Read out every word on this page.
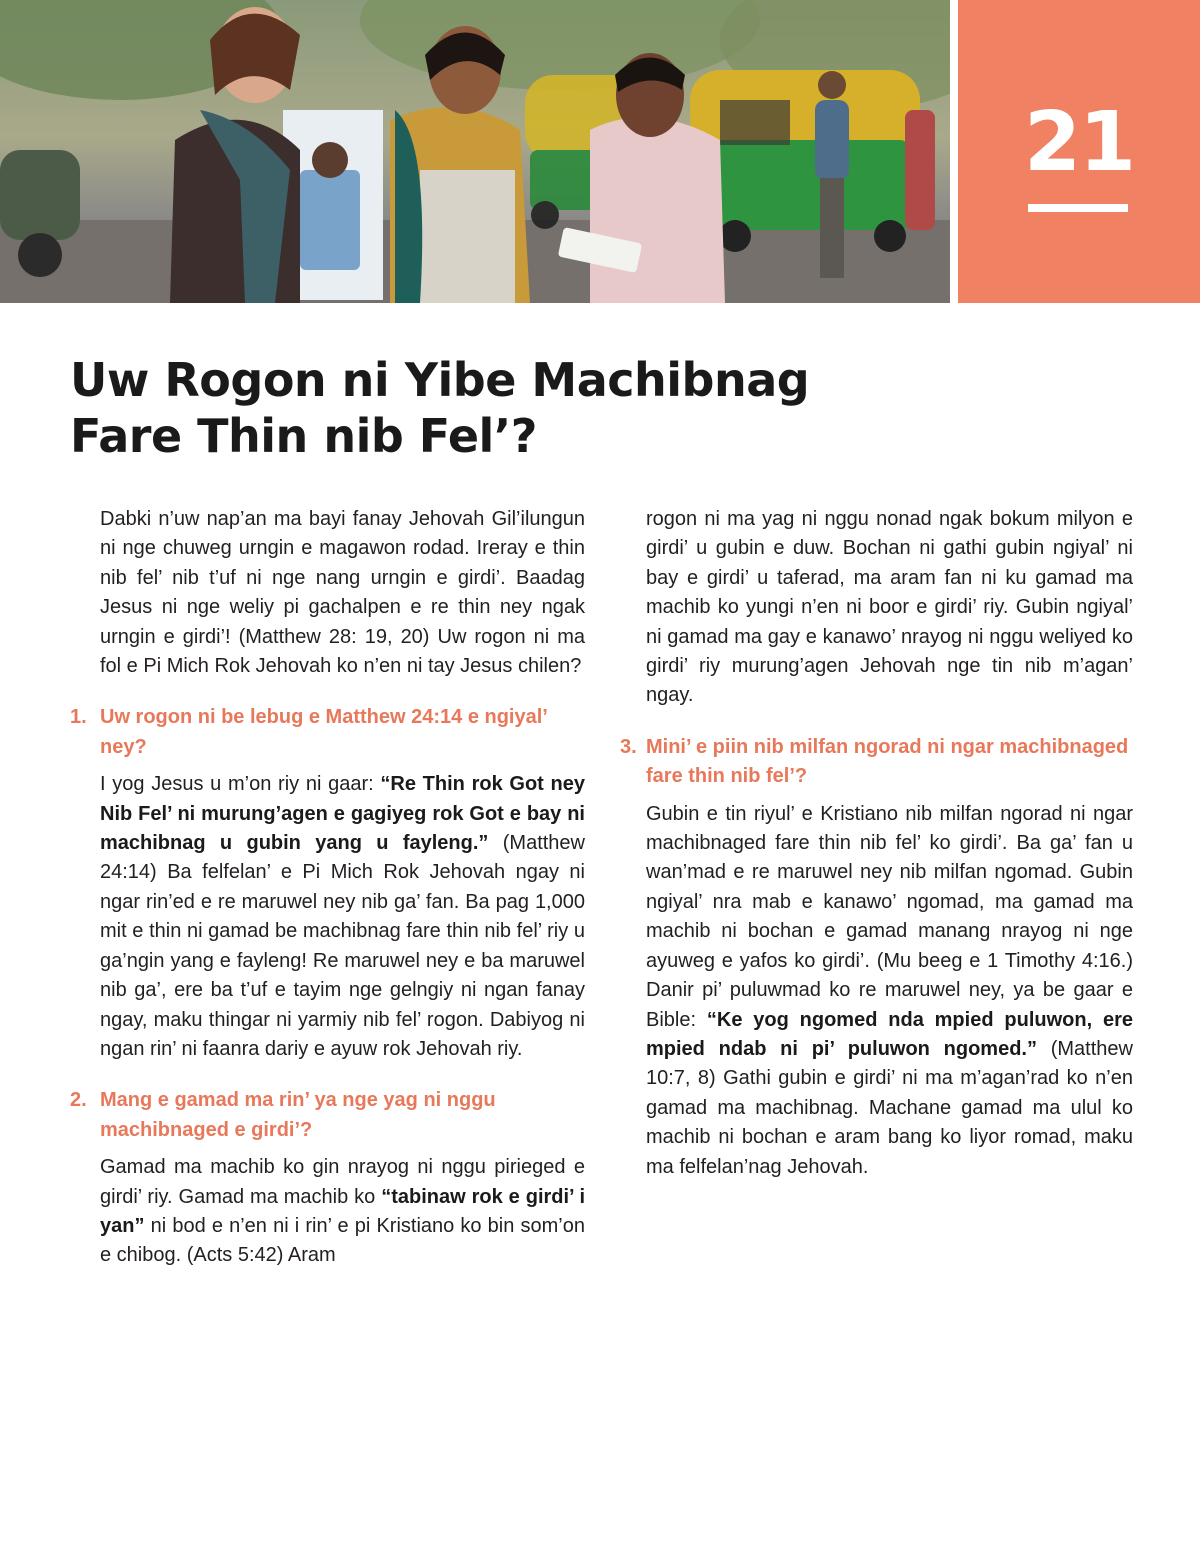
21
Uw Rogon ni Yibe Machibnag
Fare Thin nib Fel’?

Dabki n’uw nap’an ma bayi fanay Jehovah Gil’ilungun ni nge chuweg urngin e magawon rodad. Ireray e thin nib fel’ nib t’uf ni nge nang urngin e girdi’. Baadag Jesus ni nge weliy pi gachalpen e re thin ney ngak urngin e girdi’! (Matthew 28: 19, 20) Uw rogon ni ma fol e Pi Mich Rok Jehovah ko n’en ni tay Jesus chilen?

1. Uw rogon ni be lebug e Matthew 24:14 e ngiyal’ ney?

I yog Jesus u m’on riy ni gaar: “Re Thin rok Got ney Nib Fel’ ni murung’agen e gagiyeg rok Got e bay ni machibnag u gubin yang u fayleng.” (Matthew 24:14) Ba felfelan’ e Pi Mich Rok Jehovah ngay ni ngar rin’ed e re maruwel ney nib ga’ fan. Ba pag 1,000 mit e thin ni gamad be machibnag fare thin nib fel’ riy u ga’ngin yang e fayleng! Re maruwel ney e ba maruwel nib ga’, ere ba t’uf e tayim nge gelngiy ni ngan fanay ngay, maku thingar ni yarmiy nib fel’ rogon. Dabiyog ni ngan rin’ ni faanra dariy e ayuw rok Jehovah riy.

2. Mang e gamad ma rin’ ya nge yag ni nggu machibnaged e girdi’?

Gamad ma machib ko gin nrayog ni nggu pirieged e girdi’ riy. Gamad ma machib ko “tabinaw rok e girdi’ i yan” ni bod e n’en ni i rin’ e pi Kristiano ko bin som’on e chibog. (Acts 5:42) Aram

rogon ni ma yag ni nggu nonad ngak bokum milyon e girdi’ u gubin e duw. Bochan ni gathi gubin ngiyal’ ni bay e girdi’ u taferad, ma aram fan ni ku gamad ma machib ko yungi n’en ni boor e girdi’ riy. Gubin ngiyal’ ni gamad ma gay e kanawo’ nrayog ni nggu weliyed ko girdi’ riy murung’agen Jehovah nge tin nib m’agan’ ngay.

3. Mini’ e piin nib milfan ngorad ni ngar machibnaged fare thin nib fel’?

Gubin e tin riyul’ e Kristiano nib milfan ngorad ni ngar machibnaged fare thin nib fel’ ko girdi’. Ba ga’ fan u wan’mad e re maruwel ney nib milfan ngomad. Gubin ngiyal’ nra mab e kanawo’ ngomad, ma gamad ma machib ni bochan e gamad manang nrayog ni nge ayuweg e yafos ko girdi’. (Mu beeg e 1 Timothy 4:16.) Danir pi’ puluwmad ko re maruwel ney, ya be gaar e Bible: “Ke yog ngomed nda mpied puluwon, ere mpied ndab ni pi’ puluwon ngomed.” (Matthew 10:7, 8) Gathi gubin e girdi’ ni ma m’agan’rad ko n’en gamad ma machibnag. Machane gamad ma ulul ko machib ni bochan e aram bang ko liyor romad, maku ma felfelan’nag Jehovah.
